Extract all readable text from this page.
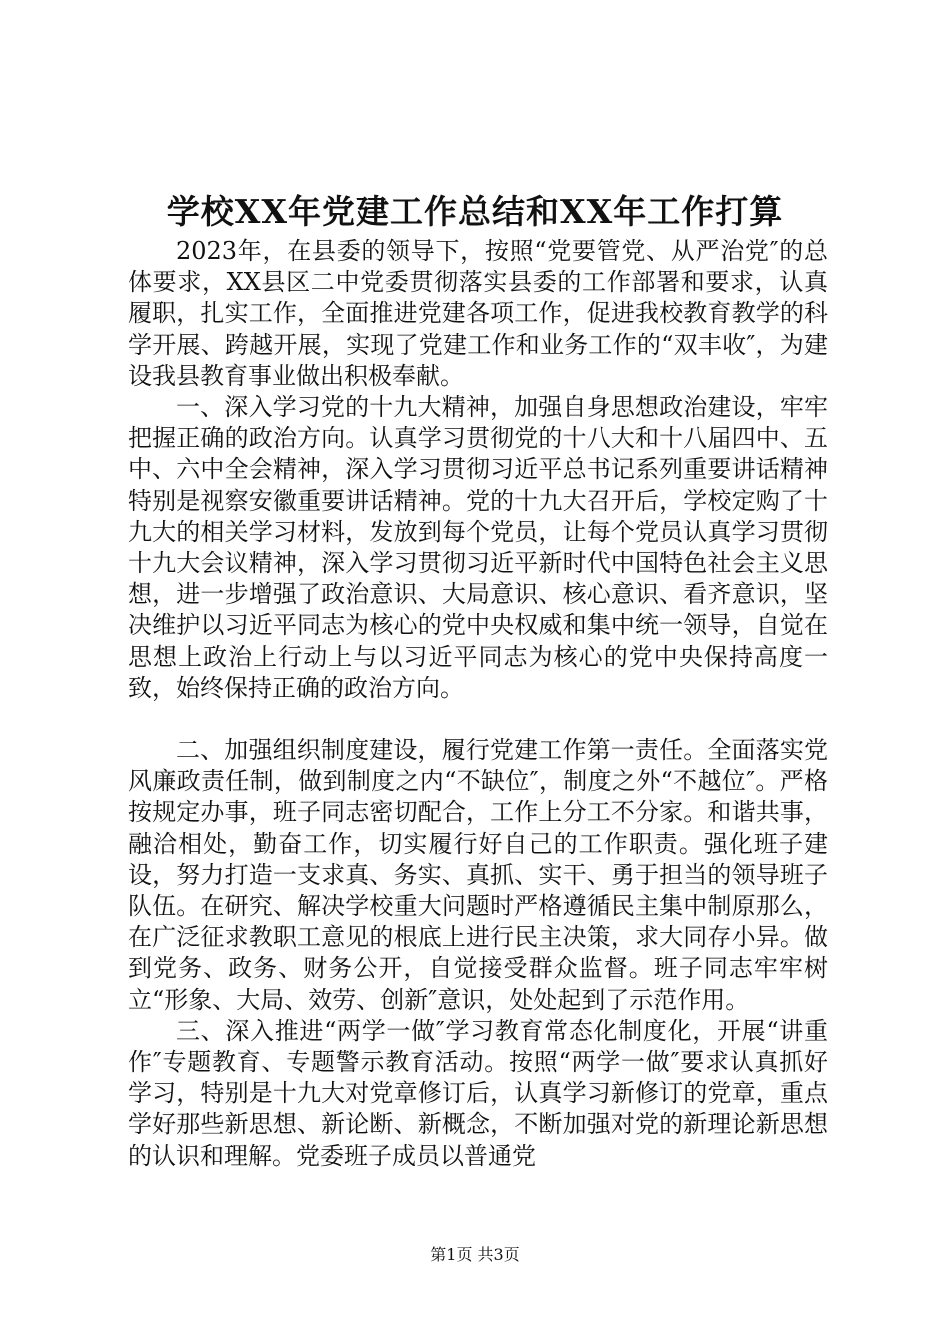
学校XX年党建工作总结和XX年工作打算

2023年，在县委的领导下，按照“党要管党、从严治党″的总体要求，XX县区二中党委贯彻落实县委的工作部署和要求，认真履职，扎实工作，全面推进党建各项工作，促进我校教育教学的科学开展、跨越开展，实现了党建工作和业务工作的“双丰收″，为建设我县教育事业做出积极奉献。

一、深入学习党的十九大精神，加强自身思想政治建设，牢牢把握正确的政治方向。认真学习贯彻党的十八大和十八届四中、五中、六中全会精神，深入学习贯彻习近平总书记系列重要讲话精神特别是视察安徽重要讲话精神。党的十九大召开后，学校定购了十九大的相关学习材料，发放到每个党员，让每个党员认真学习贯彻十九大会议精神，深入学习贯彻习近平新时代中国特色社会主义思想，进一步增强了政治意识、大局意识、核心意识、看齐意识，坚决维护以习近平同志为核心的党中央权威和集中统一领导，自觉在思想上政治上行动上与以习近平同志为核心的党中央保持高度一致，始终保持正确的政治方向。

二、加强组织制度建设，履行党建工作第一责任。全面落实党风廉政责任制，做到制度之内“不缺位″，制度之外“不越位″。严格按规定办事，班子同志密切配合，工作上分工不分家。和谐共事，融洽相处，勤奋工作，切实履行好自己的工作职责。强化班子建设，努力打造一支求真、务实、真抓、实干、勇于担当的领导班子队伍。在研究、解决学校重大问题时严格遵循民主集中制原那么，在广泛征求教职工意见的根底上进行民主决策，求大同存小异。做到党务、政务、财务公开，自觉接受群众监督。班子同志牢牢树立“形象、大局、效劳、创新″意识，处处起到了示范作用。

三、深入推进“两学一做″学习教育常态化制度化，开展“讲重作″专题教育、专题警示教育活动。按照“两学一做″要求认真抓好学习，特别是十九大对党章修订后，认真学习新修订的党章，重点学好那些新思想、新论断、新概念，不断加强对党的新理论新思想的认识和理解。党委班子成员以普通党

第1页 共3页
